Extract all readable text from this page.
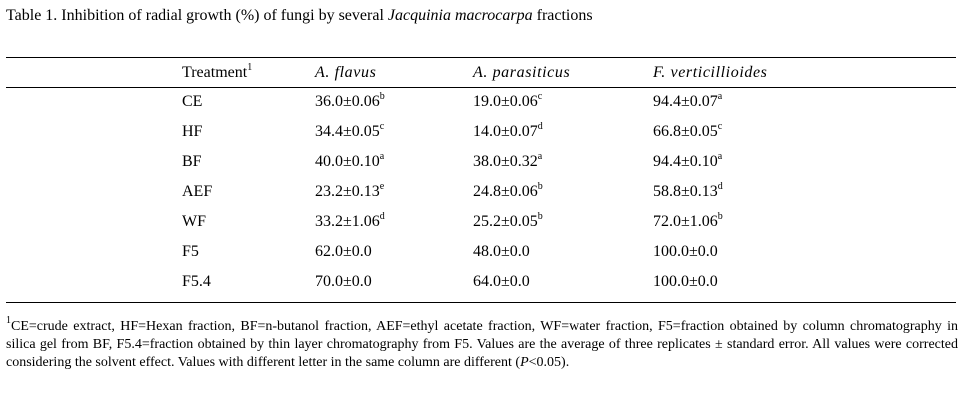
Table 1. Inhibition of radial growth (%) of fungi by several Jacquinia macrocarpa fractions
Treatment$^1$	A. flavus	A. parasiticus	F. verticillioides
CE	36.0±0.06$^b$	19.0±0.06$^c$	94.4±0.07$^a$
HF	34.4±0.05$^c$	14.0±0.07$^d$	66.8±0.05$^c$
BF	40.0±0.10$^a$	38.0±0.32$^a$	94.4±0.10$^a$
AEF	23.2±0.13$^e$	24.8±0.06$^b$	58.8±0.13$^d$
WF	33.2±1.06$^d$	25.2±0.05$^b$	72.0±1.06$^b$
F5	62.0±0.0	48.0±0.0	100.0±0.0
F5.4	70.0±0.0	64.0±0.0	100.0±0.0
$^1$CE=crude extract, HF=Hexan fraction, BF=n-butanol fraction, AEF=ethyl acetate fraction, WF=water fraction, F5=fraction obtained by column chromatography in silica gel from BF, F5.4=fraction obtained by thin layer chromatography from F5. Values are the average of three replicates ± standard error. All values were corrected considering the solvent effect. Values with different letter in the same column are different (P<0.05).
